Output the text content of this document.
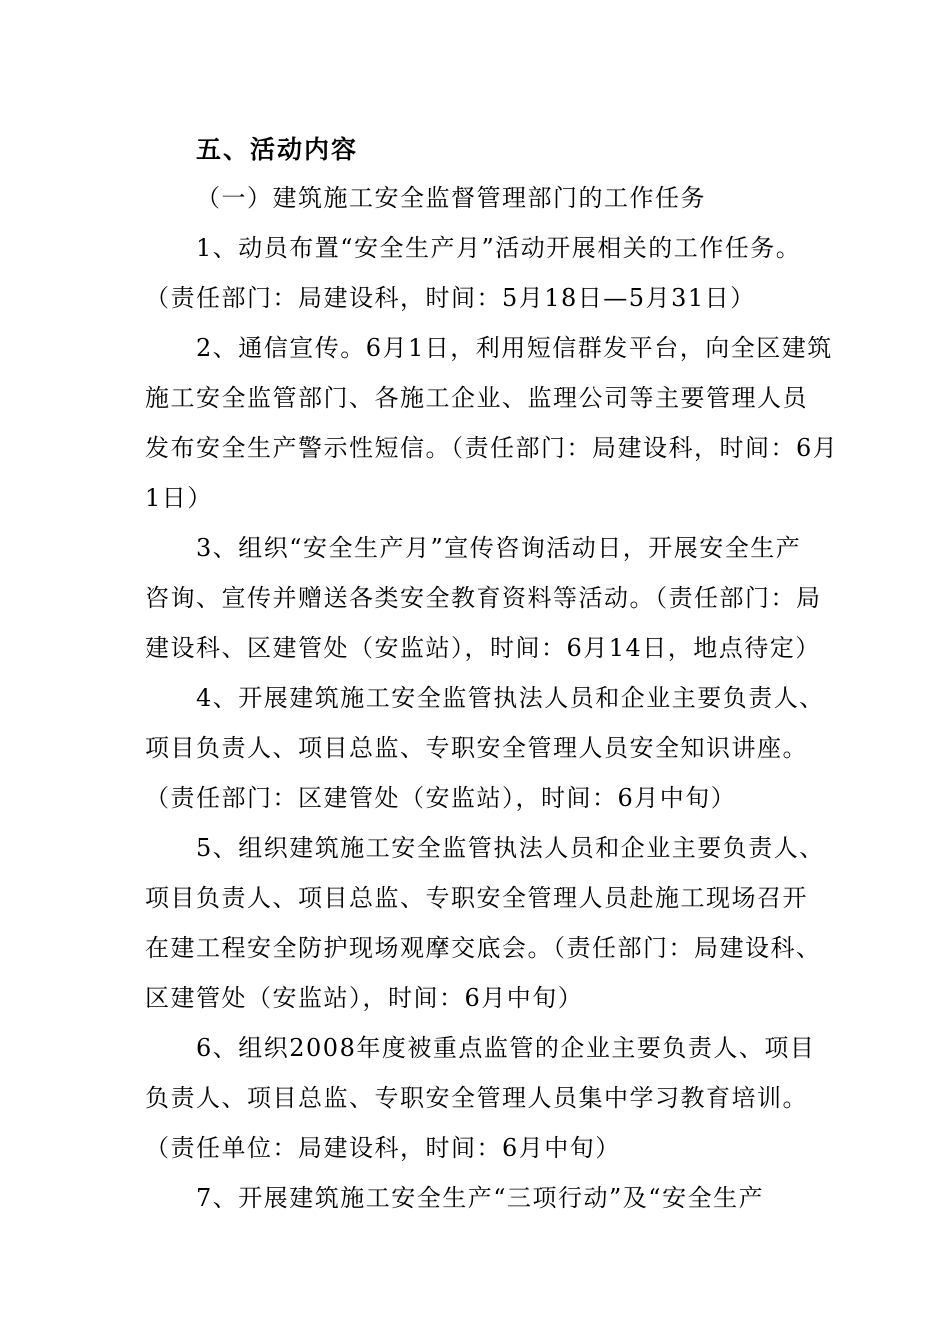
五、活动内容
（一）建筑施工安全监督管理部门的工作任务
1、动员布置“安全生产月”活动开展相关的工作任务。
（责任部门：局建设科，时间：5月18日—5月31日）
2、通信宣传。6月1日，利用短信群发平台，向全区建筑
施工安全监管部门、各施工企业、监理公司等主要管理人员
发布安全生产警示性短信。（责任部门：局建设科，时间：6月
1日）
3、组织“安全生产月”宣传咨询活动日，开展安全生产
咨询、宣传并赠送各类安全教育资料等活动。（责任部门：局
建设科、区建管处（安监站），时间：6月14日，地点待定）
4、开展建筑施工安全监管执法人员和企业主要负责人、
项目负责人、项目总监、专职安全管理人员安全知识讲座。
（责任部门：区建管处（安监站），时间：6月中旬）
5、组织建筑施工安全监管执法人员和企业主要负责人、
项目负责人、项目总监、专职安全管理人员赴施工现场召开
在建工程安全防护现场观摩交底会。（责任部门：局建设科、
区建管处（安监站），时间：6月中旬）
6、组织2008年度被重点监管的企业主要负责人、项目
负责人、项目总监、专职安全管理人员集中学习教育培训。
（责任单位：局建设科，时间：6月中旬）
7、开展建筑施工安全生产“三项行动”及“安全生产
